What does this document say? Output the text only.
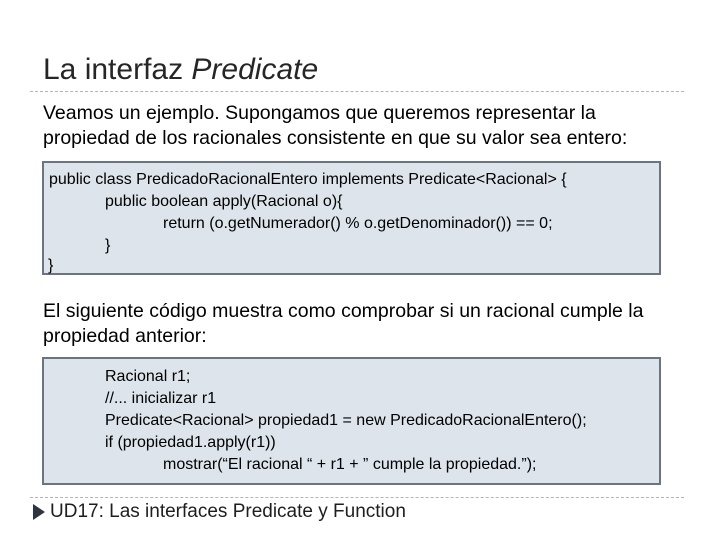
La interfaz Predicate

Veamos un ejemplo. Supongamos que queremos representar la
propiedad de los racionales consistente en que su valor sea entero:

public class PredicadoRacionalEntero implements Predicate<Racional> {
public boolean apply(Racional o){
return (o.getNumerador() % o.getDenominador()) == 0;
}
}

El siguiente código muestra como comprobar si un racional cumple la
propiedad anterior:

Racional r1;
//... inicializar r1
Predicate<Racional> propiedad1 = new PredicadoRacionalEntero();
if (propiedad1.apply(r1))
mostrar(“El racional “ + r1 + ” cumple la propiedad.”);
UD17: Las interfaces Predicate y Function
